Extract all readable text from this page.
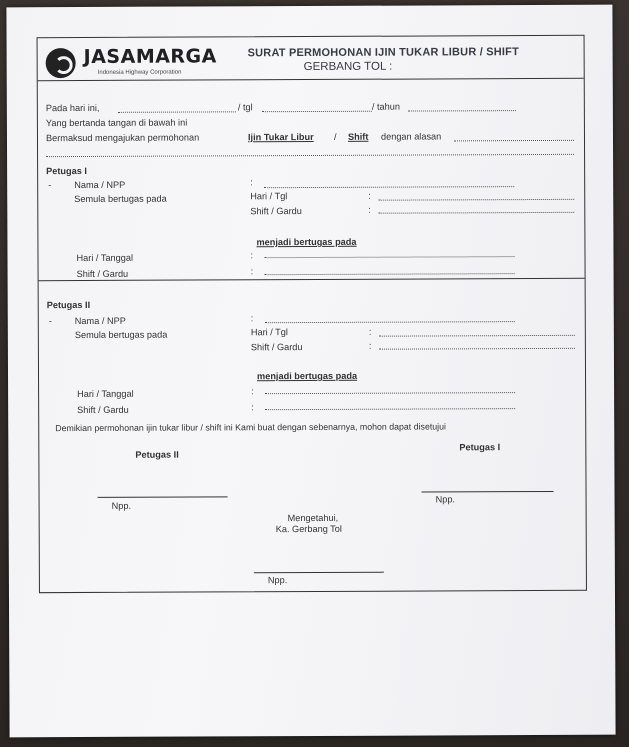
JASAMARGA
Indonesia Highway Corporation
SURAT PERMOHONAN IJIN TUKAR LIBUR / SHIFT
GERBANG TOL :
Pada hari ini,	/ tgl	/ tahun
Yang bertanda tangan di bawah ini
Bermaksud mengajukan permohonan	Ijin Tukar Libur / Shift dengan alasan
Petugas I
- Nama / NPP	:
Semula bertugas pada	Hari / Tgl	:
Shift / Gardu	:
menjadi bertugas pada
Hari / Tanggal	:
Shift / Gardu	:
Petugas II
- Nama / NPP	:
Semula bertugas pada	Hari / Tgl	:
Shift / Gardu	:
menjadi bertugas pada
Hari / Tanggal	:
Shift / Gardu	:
Demikian permohonan ijin tukar libur / shift ini Kami buat dengan sebenarnya, mohon dapat disetujui
Petugas II
Petugas I
Npp.
Npp.
Mengetahui,
Ka. Gerbang Tol
Npp.
